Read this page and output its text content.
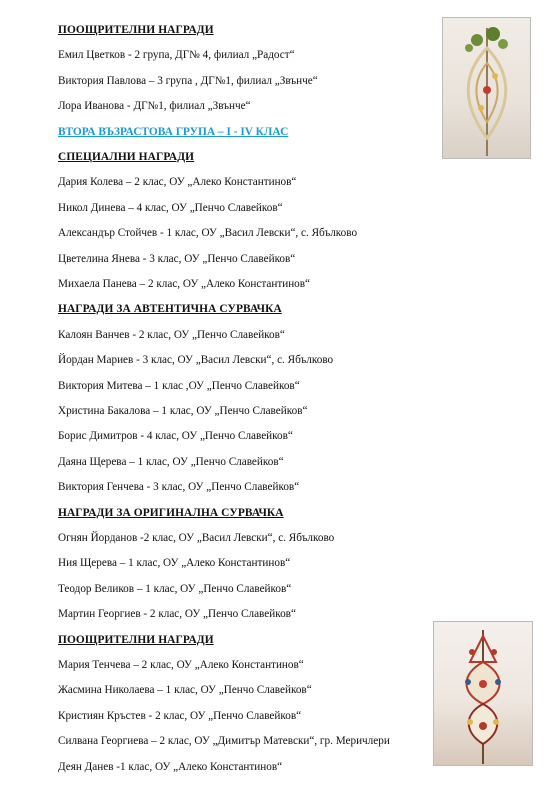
ПООЩРИТЕЛНИ НАГРАДИ
Емил Цветков - 2 група, ДГ№ 4, филиал „Радост“
Виктория Павлова – 3 група , ДГ№1, филиал „Звънче“
Лора Иванова - ДГ№1, филиал „Звънче“
ВТОРА ВЪЗРАСТОВА ГРУПА – I - IV КЛАС
СПЕЦИАЛНИ НАГРАДИ
Дария Колева – 2 клас, ОУ „Алеко Константинов“
Никол Динева – 4 клас, ОУ „Пенчо Славейков“
Александър Стойчев - 1 клас, ОУ „Васил Левски“, с. Ябълково
Цветелина Янева - 3 клас, ОУ „Пенчо Славейков“
Михаела Панева – 2 клас, ОУ „Алеко Константинов“
НАГРАДИ ЗА АВТЕНТИЧНА СУРВАЧКА
Калоян Ванчев - 2 клас, ОУ „Пенчо Славейков“
Йордан Мариев - 3 клас, ОУ „Васил Левски“, с. Ябълково
Виктория Митева – 1 клас ,ОУ „Пенчо Славейков“
Христина Бакалова – 1 клас, ОУ „Пенчо Славейков“
Борис Димитров - 4 клас, ОУ „Пенчо Славейков“
Даяна Щерева – 1 клас, ОУ „Пенчо Славейков“
Виктория Генчева - 3 клас, ОУ „Пенчо Славейков“
НАГРАДИ ЗА ОРИГИНАЛНА СУРВАЧКА
Огнян Йорданов -2 клас, ОУ „Васил Левски“, с. Ябълково
Ния Щерева – 1 клас, ОУ „Алеко Константинов“
Теодор Великов – 1 клас, ОУ „Пенчо Славейков“
Мартин Георгиев - 2 клас, ОУ „Пенчо Славейков“
ПООЩРИТЕЛНИ НАГРАДИ
Мария Тенчева – 2 клас, ОУ „Алеко Константинов“
Жасмина Николаева – 1 клас, ОУ „Пенчо Славейков“
Кристиян Кръстев - 2 клас, ОУ „Пенчо Славейков“
Силвана Георгиева – 2 клас, ОУ „Димитър Матевски“, гр. Меричлери
Деян Данев -1 клас, ОУ „Алеко Константинов“
